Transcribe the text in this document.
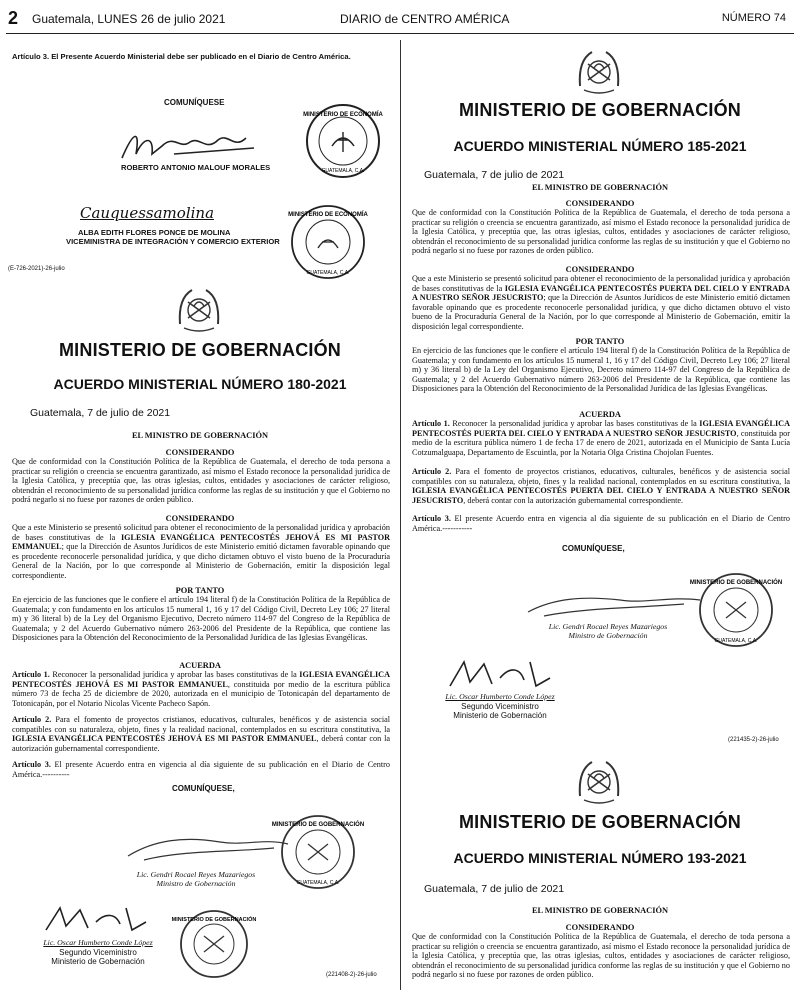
2 Guatemala, LUNES 26 de julio 2021	DIARIO de CENTRO AMÉRICA	NÚMERO 74
Artículo 3. El Presente Acuerdo Ministerial debe ser publicado en el Diario de Centro América.
COMUNÍQUESE
ROBERTO ANTONIO MALOUF MORALES
MINISTERIO DE ECONOMÍA
GUATEMALA, C.A.
Cauquessamolina
ALBA EDITH FLORES PONCE DE MOLINA
VICEMINISTRA DE INTEGRACIÓN Y COMERCIO EXTERIOR
MINISTERIO DE ECONOMÍA
GUATEMALA, C.A.
(E-726-2021)-26-julio
MINISTERIO DE GOBERNACIÓN
ACUERDO MINISTERIAL NÚMERO 180-2021
Guatemala, 7 de julio de 2021
EL MINISTRO DE GOBERNACIÓN
CONSIDERANDO
Que de conformidad con la Constitución Política de la República de Guatemala, el derecho de toda persona a practicar su religión o creencia se encuentra garantizado, así mismo el Estado reconoce la personalidad jurídica de la Iglesia Católica, y preceptúa que, las otras iglesias, cultos, entidades y asociaciones de carácter religioso, obtendrán el reconocimiento de su personalidad jurídica conforme las reglas de su institución y que el Gobierno no podrá negarlo si no fuese por razones de orden público.
CONSIDERANDO
Que a este Ministerio se presentó solicitud para obtener el reconocimiento de la personalidad jurídica y aprobación de bases constitutivas de la IGLESIA EVANGÉLICA PENTECOSTÉS JEHOVÁ ES MI PASTOR EMMANUEL; que la Dirección de Asuntos Jurídicos de este Ministerio emitió dictamen favorable opinando que es procedente reconocerle personalidad jurídica, y que dicho dictamen obtuvo el visto bueno de la Procuraduría General de la Nación, por lo que corresponde al Ministerio de Gobernación, emitir la disposición legal correspondiente.
POR TANTO
En ejercicio de las funciones que le confiere el artículo 194 literal f) de la Constitución Política de la República de Guatemala; y con fundamento en los artículos 15 numeral 1, 16 y 17 del Código Civil, Decreto Ley 106; 27 literal m) y 36 literal b) de la Ley del Organismo Ejecutivo, Decreto número 114-97 del Congreso de la República de Guatemala; y 2 del Acuerdo Gubernativo número 263-2006 del Presidente de la República, que contiene las Disposiciones para la Obtención del Reconocimiento de la Personalidad Jurídica de las Iglesias Evangélicas.
ACUERDA
Artículo 1. Reconocer la personalidad jurídica y aprobar las bases constitutivas de la IGLESIA EVANGÉLICA PENTECOSTÉS JEHOVÁ ES MI PASTOR EMMANUEL, constituida por medio de la escritura pública número 73 de fecha 25 de diciembre de 2020, autorizada en el municipio de Totonicapán del departamento de Totonicapán, por el Notario Nicolas Vicente Pacheco Sapón.
Artículo 2. Para el fomento de proyectos cristianos, educativos, culturales, benéficos y de asistencia social compatibles con su naturaleza, objeto, fines y la realidad nacional, contemplados en su escritura constitutiva, la IGLESIA EVANGÉLICA PENTECOSTÉS JEHOVÁ ES MI PASTOR EMMANUEL, deberá contar con la autorización gubernamental correspondiente.
Artículo 3. El presente Acuerdo entra en vigencia al día siguiente de su publicación en el Diario de Centro América.----------
COMUNÍQUESE,
Lic. Gendri Rocael Reyes Mazariegos
Ministro de Gobernación
MINISTERIO DE GOBERNACIÓN
GUATEMALA, C.A.
Lic. Oscar Humberto Conde López
Segundo Viceministro
Ministerio de Gobernación
MINISTERIO DE GOBERNACIÓN
(221408-2)-26-julio
MINISTERIO DE GOBERNACIÓN
ACUERDO MINISTERIAL NÚMERO 185-2021
Guatemala, 7 de julio de 2021
EL MINISTRO DE GOBERNACIÓN
CONSIDERANDO
Que de conformidad con la Constitución Política de la República de Guatemala, el derecho de toda persona a practicar su religión o creencia se encuentra garantizado, así mismo el Estado reconoce la personalidad jurídica de la Iglesia Católica, y preceptúa que, las otras iglesias, cultos, entidades y asociaciones de carácter religioso, obtendrán el reconocimiento de su personalidad jurídica conforme las reglas de su institución y que el Gobierno no podrá negarlo si no fuese por razones de orden público.
CONSIDERANDO
Que a este Ministerio se presentó solicitud para obtener el reconocimiento de la personalidad jurídica y aprobación de bases constitutivas de la IGLESIA EVANGÉLICA PENTECOSTÉS PUERTA DEL CIELO Y ENTRADA A NUESTRO SEÑOR JESUCRISTO; que la Dirección de Asuntos Jurídicos de este Ministerio emitió dictamen favorable opinando que es procedente reconocerle personalidad jurídica, y que dicho dictamen obtuvo el visto bueno de la Procuraduría General de la Nación, por lo que corresponde al Ministerio de Gobernación, emitir la disposición legal correspondiente.
POR TANTO
En ejercicio de las funciones que le confiere el artículo 194 literal f) de la Constitución Política de la República de Guatemala; y con fundamento en los artículos 15 numeral 1, 16 y 17 del Código Civil, Decreto Ley 106; 27 literal m) y 36 literal b) de la Ley del Organismo Ejecutivo, Decreto número 114-97 del Congreso de la República de Guatemala; y 2 del Acuerdo Gubernativo número 263-2006 del Presidente de la República, que contiene las Disposiciones para la Obtención del Reconocimiento de la Personalidad Jurídica de las Iglesias Evangélicas.
ACUERDA
Artículo 1. Reconocer la personalidad jurídica y aprobar las bases constitutivas de la IGLESIA EVANGÉLICA PENTECOSTÉS PUERTA DEL CIELO Y ENTRADA A NUESTRO SEÑOR JESUCRISTO, constituida por medio de la escritura pública número 1 de fecha 17 de enero de 2021, autorizada en el Municipio de Santa Lucía Cotzumalguapa, Departamento de Escuintla, por la Notaria Olga Cristina Chojolan Fuentes.
Artículo 2. Para el fomento de proyectos cristianos, educativos, culturales, benéficos y de asistencia social compatibles con su naturaleza, objeto, fines y la realidad nacional, contemplados en su escritura constitutiva, la IGLESIA EVANGÉLICA PENTECOSTÉS PUERTA DEL CIELO Y ENTRADA A NUESTRO SEÑOR JESUCRISTO, deberá contar con la autorización gubernamental correspondiente.
Artículo 3. El presente Acuerdo entra en vigencia al día siguiente de su publicación en el Diario de Centro América.-----------
COMUNÍQUESE,
Lic. Gendri Rocael Reyes Mazariegos
Ministro de Gobernación
MINISTERIO DE GOBERNACIÓN
GUATEMALA, C.A.
Lic. Oscar Humberto Conde López
Segundo Viceministro
Ministerio de Gobernación
(221435-2)-26-julio
MINISTERIO DE GOBERNACIÓN
ACUERDO MINISTERIAL NÚMERO 193-2021
Guatemala, 7 de julio de 2021
EL MINISTRO DE GOBERNACIÓN
CONSIDERANDO
Que de conformidad con la Constitución Política de la República de Guatemala, el derecho de toda persona a practicar su religión o creencia se encuentra garantizado, así mismo el Estado reconoce la personalidad jurídica de la Iglesia Católica, y preceptúa que, las otras iglesias, cultos, entidades y asociaciones de carácter religioso, obtendrán el reconocimiento de su personalidad jurídica conforme las reglas de su institución y que el Gobierno no podrá negarlo si no fuese por razones de orden público.
